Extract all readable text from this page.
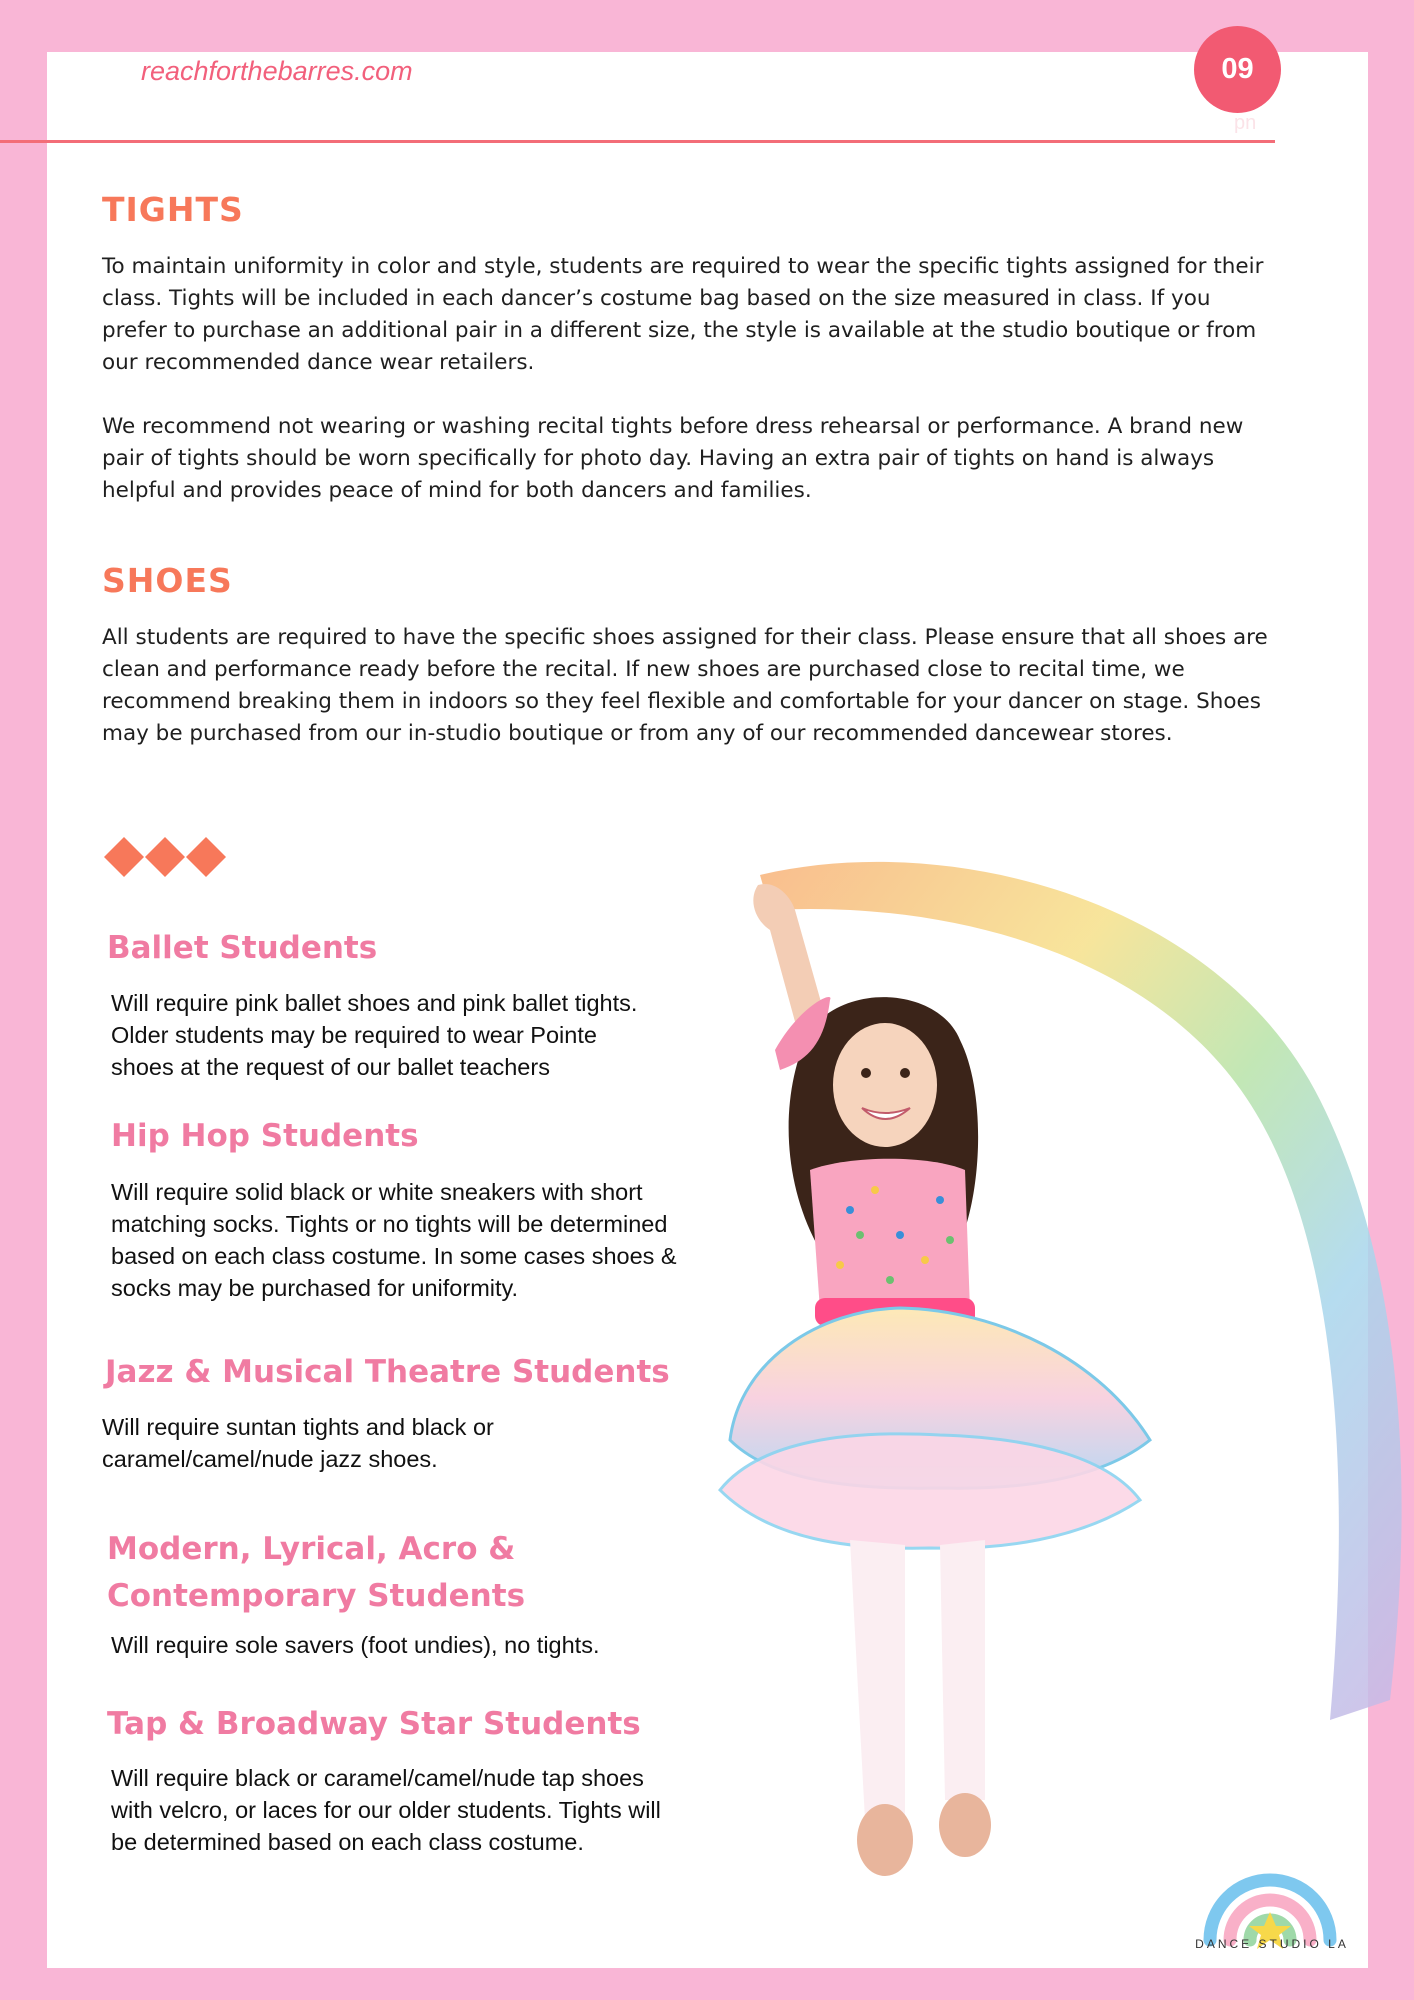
reachforthebarres.com	09
pn
TIGHTS

To maintain uniformity in color and style, students are required to wear the specific tights assigned for their class. Tights will be included in each dancer’s costume bag based on the size measured in class. If you prefer to purchase an additional pair in a different size, the style is available at the studio boutique or from our recommended dance wear retailers.

We recommend not wearing or washing recital tights before dress rehearsal or performance. A brand new pair of tights should be worn specifically for photo day. Having an extra pair of tights on hand is always helpful and provides peace of mind for both dancers and families.

SHOES

All students are required to have the specific shoes assigned for their class. Please ensure that all shoes are clean and performance ready before the recital. If new shoes are purchased close to recital time, we recommend breaking them in indoors so they feel flexible and comfortable for your dancer on stage. Shoes may be purchased from our in-studio boutique or from any of our recommended dancewear stores.

Ballet Students
Will require pink ballet shoes and pink ballet tights.
Older students may be required to wear Pointe
shoes at the request of our ballet teachers
Hip Hop Students
Will require solid black or white sneakers with short
matching socks. Tights or no tights will be determined
based on each class costume. In some cases shoes &
socks may be purchased for uniformity.
Jazz & Musical Theatre Students
Will require suntan tights and black or
caramel/camel/nude jazz shoes.
Modern, Lyrical, Acro &
Contemporary Students
Will require sole savers (foot undies), no tights.
Tap & Broadway Star Students
Will require black or caramel/camel/nude tap shoes
with velcro, or laces for our older students. Tights will
be determined based on each class costume.
DANCE STUDIO LA
